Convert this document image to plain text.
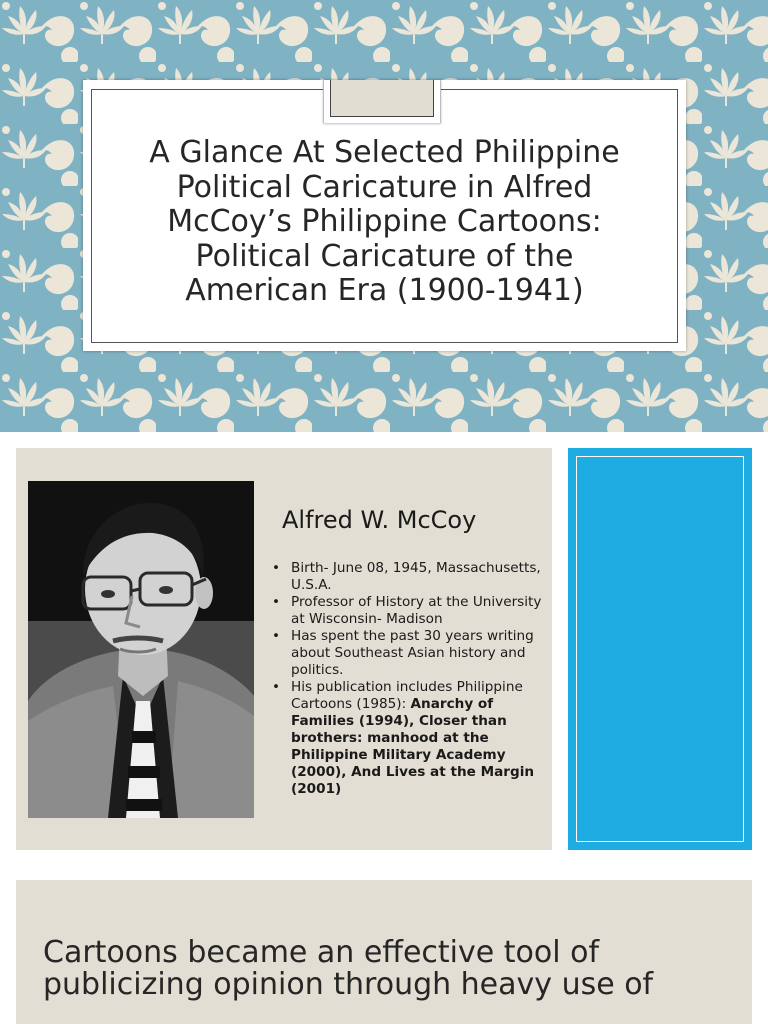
A Glance At Selected Philippine
Political Caricature in Alfred
McCoy’s Philippine Cartoons:
Political Caricature of the
American Era (1900-1941)
Alfred W. McCoy
• Birth- June 08, 1945, Massachusetts, U.S.A.
• Professor of History at the University at Wisconsin- Madison
• Has spent the past 30 years writing about Southeast Asian history and politics.
• His publication includes Philippine Cartoons (1985): Anarchy of Families (1994), Closer than brothers: manhood at the Philippine Military Academy (2000), And Lives at the Margin (2001)
Cartoons became an effective tool of
publicizing opinion through heavy use of
